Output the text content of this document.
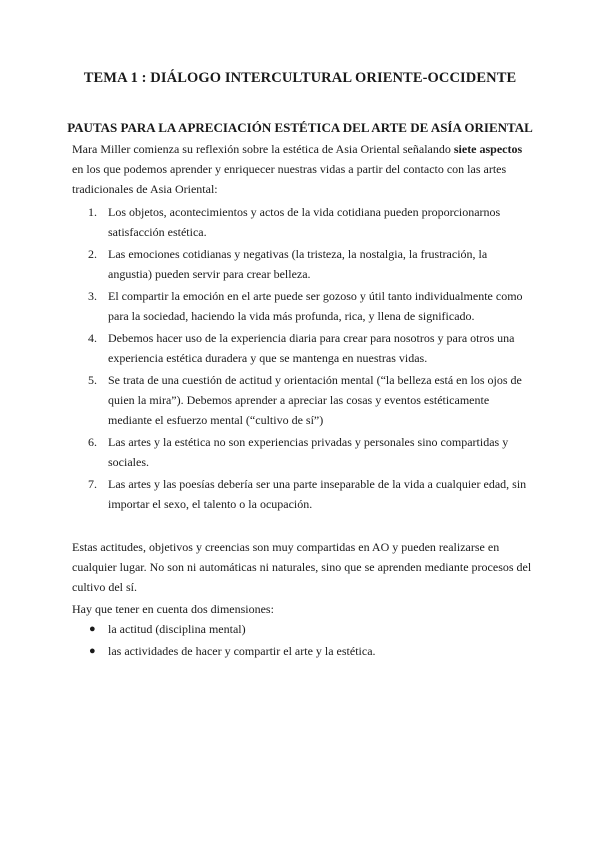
TEMA 1 : DIÁLOGO INTERCULTURAL ORIENTE-OCCIDENTE
PAUTAS PARA LA APRECIACIÓN ESTÉTICA DEL ARTE DE ASÍA ORIENTAL
Mara Miller comienza su reflexión sobre la estética de Asia Oriental señalando siete aspectos en los que podemos aprender y enriquecer nuestras vidas a partir del contacto con las artes tradicionales de Asia Oriental:
1. Los objetos, acontecimientos y actos de la vida cotidiana pueden proporcionarnos satisfacción estética.
2. Las emociones cotidianas y negativas (la tristeza, la nostalgia, la frustración, la angustia) pueden servir para crear belleza.
3. El compartir la emoción en el arte puede ser gozoso y útil tanto individualmente como para la sociedad, haciendo la vida más profunda, rica, y llena de significado.
4. Debemos hacer uso de la experiencia diaria para crear para nosotros y para otros una experiencia estética duradera y que se mantenga en nuestras vidas.
5. Se trata de una cuestión de actitud y orientación mental (“la belleza está en los ojos de quien la mira”). Debemos aprender a apreciar las cosas y eventos estéticamente mediante el esfuerzo mental (“cultivo de sí”)
6. Las artes y la estética no son experiencias privadas y personales sino compartidas y sociales.
7. Las artes y las poesías debería ser una parte inseparable de la vida a cualquier edad, sin importar el sexo, el talento o la ocupación.
Estas actitudes, objetivos y creencias son muy compartidas en AO y pueden realizarse en cualquier lugar. No son ni automáticas ni naturales, sino que se aprenden mediante procesos del cultivo del sí.
Hay que tener en cuenta dos dimensiones:
● la actitud (disciplina mental)
● las actividades de hacer y compartir el arte y la estética.
